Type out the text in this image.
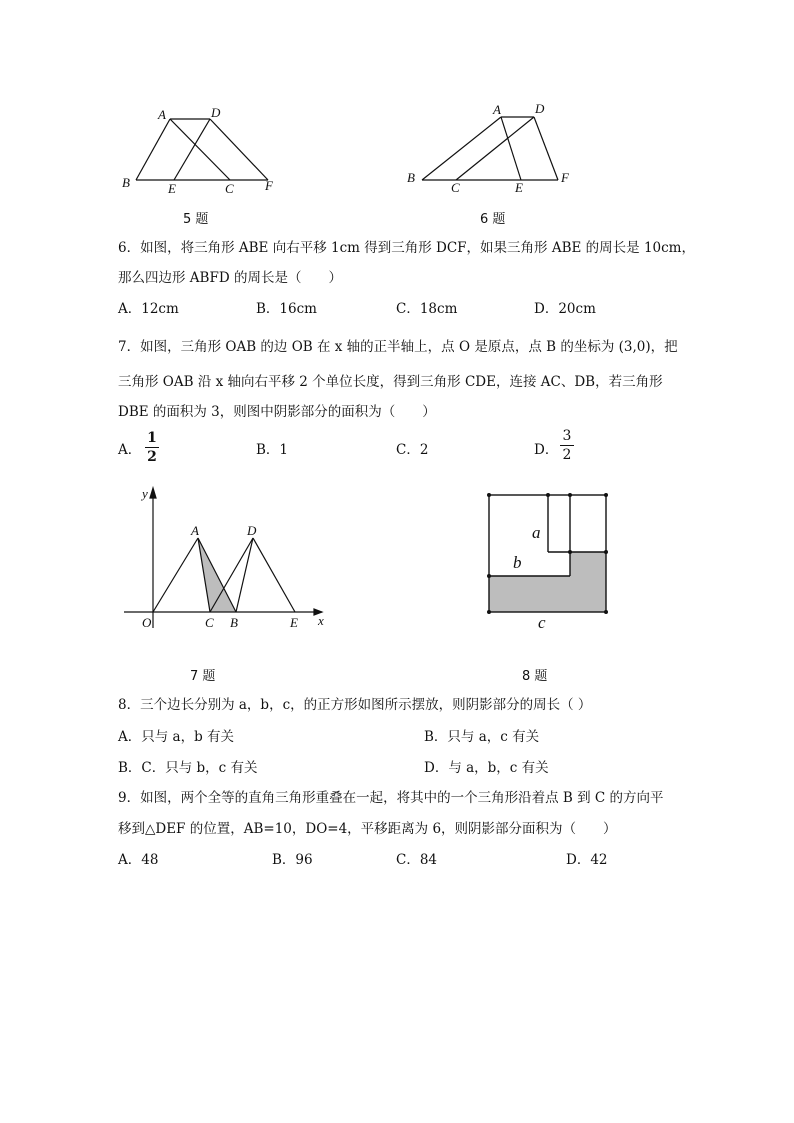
A	D
B	E	C F
5 题
A	D
B
C	E
F
6 题
6．如图，将三角形 ABE 向右平移 1cm 得到三角形 DCF，如果三角形 ABE 的周长是 10cm，
那么四边形 ABFD 的周长是（　　）
A．12cm	B．16cm	C．18cm	D．20cm
7．如图，三角形 OAB 的边 OB 在 x 轴的正半轴上，点 O 是原点，点 B 的坐标为 (3,0)，把
三角形 OAB 沿 x 轴向右平移 2 个单位长度，得到三角形 CDE，连接 AC、DB，若三角形
DBE 的面积为 3，则图中阴影部分的面积为（　　）
A．
1
2	B．1	C．2	D．
3
2
y
x
O
A	D
C B	E
7 题
a
b
c
8 题
8．三个边长分别为 a，b，c，的正方形如图所示摆放，则阴影部分的周长（ ）
A．只与 a，b 有关	B．只与 a，c 有关
B．C．只与 b，c 有关	D．与 a，b，c 有关
9．如图，两个全等的直角三角形重叠在一起，将其中的一个三角形沿着点 B 到 C 的方向平
移到△DEF 的位置，AB=10，DO=4，平移距离为 6，则阴影部分面积为（　　）
A．48	B．96	C．84	D．42
